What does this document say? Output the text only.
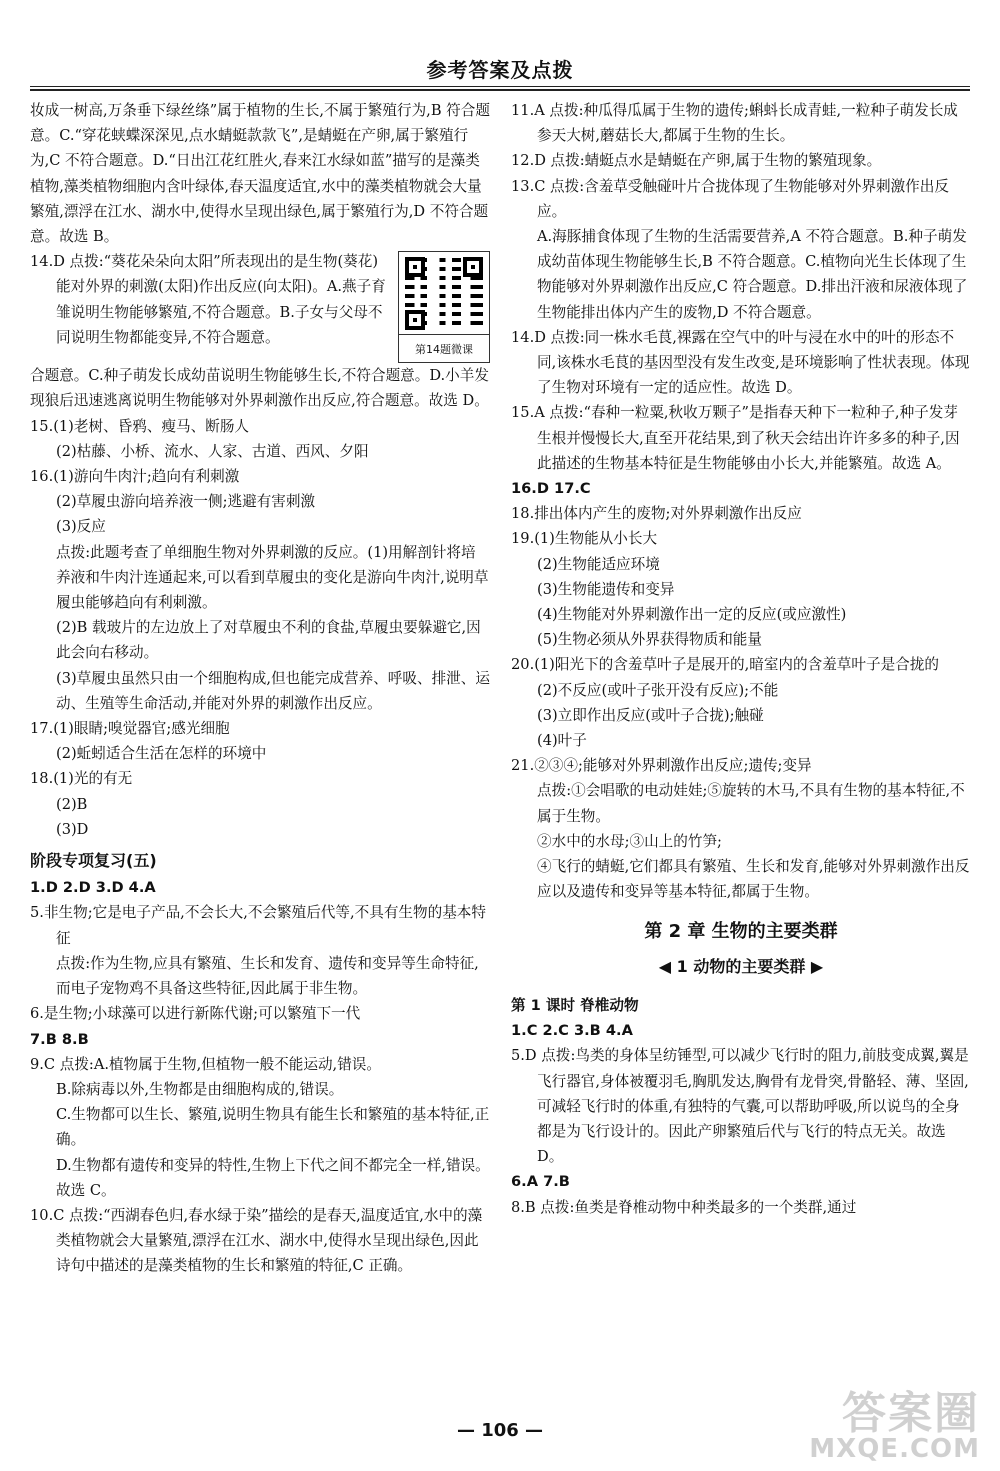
参考答案及点拨

妆成一树高,万条垂下绿丝绦”属于植物的生长,不属于繁殖行为,B 符合题意。C.“穿花蛱蝶深深见,点水蜻蜓款款飞”,是蜻蜓在产卵,属于繁殖行为,C 不符合题意。D.“日出江花红胜火,春来江水绿如蓝”描写的是藻类植物,藻类植物细胞内含叶绿体,春天温度适宜,水中的藻类植物就会大量繁殖,漂浮在江水、湖水中,使得水呈现出绿色,属于繁殖行为,D 不符合题意。故选 B。

14.D 点拨:“葵花朵朵向太阳”所表现出的是生物(葵花)能对外界的刺激(太阳)作出反应(向太阳)。A.燕子育雏说明生物能够繁殖,不符合题意。B.子女与父母不同说明生物都能变异,不符合题意。

第14题微课

合题意。C.种子萌发长成幼苗说明生物能够生长,不符合题意。D.小羊发现狼后迅速逃离说明生物能够对外界刺激作出反应,符合题意。故选 D。

15.(1)老树、昏鸦、瘦马、断肠人

(2)枯藤、小桥、流水、人家、古道、西风、夕阳

16.(1)游向牛肉汁;趋向有利刺激

(2)草履虫游向培养液一侧;逃避有害刺激

(3)反应

点拨:此题考查了单细胞生物对外界刺激的反应。(1)用解剖针将培养液和牛肉汁连通起来,可以看到草履虫的变化是游向牛肉汁,说明草履虫能够趋向有利刺激。

(2)B 载玻片的左边放上了对草履虫不利的食盐,草履虫要躲避它,因此会向右移动。

(3)草履虫虽然只由一个细胞构成,但也能完成营养、呼吸、排泄、运动、生殖等生命活动,并能对外界的刺激作出反应。

17.(1)眼睛;嗅觉器官;感光细胞

(2)蚯蚓适合生活在怎样的环境中

18.(1)光的有无

(2)B

(3)D

阶段专项复习(五)

1.D 2.D 3.D 4.A

5.非生物;它是电子产品,不会长大,不会繁殖后代等,不具有生物的基本特征

点拨:作为生物,应具有繁殖、生长和发育、遗传和变异等生命特征,而电子宠物鸡不具备这些特征,因此属于非生物。

6.是生物;小球藻可以进行新陈代谢;可以繁殖下一代

7.B 8.B

9.C 点拨:A.植物属于生物,但植物一般不能运动,错误。

B.除病毒以外,生物都是由细胞构成的,错误。

C.生物都可以生长、繁殖,说明生物具有能生长和繁殖的基本特征,正确。

D.生物都有遗传和变异的特性,生物上下代之间不都完全一样,错误。

故选 C。

10.C 点拨:“西湖春色归,春水绿于染”描绘的是春天,温度适宜,水中的藻类植物就会大量繁殖,漂浮在江水、湖水中,使得水呈现出绿色,因此诗句中描述的是藻类植物的生长和繁殖的特征,C 正确。

11.A 点拨:种瓜得瓜属于生物的遗传;蝌蚪长成青蛙,一粒种子萌发长成参天大树,蘑菇长大,都属于生物的生长。

12.D 点拨:蜻蜓点水是蜻蜓在产卵,属于生物的繁殖现象。

13.C 点拨:含羞草受触碰叶片合拢体现了生物能够对外界刺激作出反应。

A.海豚捕食体现了生物的生活需要营养,A 不符合题意。B.种子萌发成幼苗体现生物能够生长,B 不符合题意。C.植物向光生长体现了生物能够对外界刺激作出反应,C 符合题意。D.排出汗液和尿液体现了生物能排出体内产生的废物,D 不符合题意。

14.D 点拨:同一株水毛茛,裸露在空气中的叶与浸在水中的叶的形态不同,该株水毛茛的基因型没有发生改变,是环境影响了性状表现。体现了生物对环境有一定的适应性。故选 D。

15.A 点拨:“春种一粒粟,秋收万颗子”是指春天种下一粒种子,种子发芽生根并慢慢长大,直至开花结果,到了秋天会结出许许多多的种子,因此描述的生物基本特征是生物能够由小长大,并能繁殖。故选 A。

16.D 17.C

18.排出体内产生的废物;对外界刺激作出反应

19.(1)生物能从小长大

(2)生物能适应环境

(3)生物能遗传和变异

(4)生物能对外界刺激作出一定的反应(或应激性)

(5)生物必须从外界获得物质和能量

20.(1)阳光下的含羞草叶子是展开的,暗室内的含羞草叶子是合拢的

(2)不反应(或叶子张开没有反应);不能

(3)立即作出反应(或叶子合拢);触碰

(4)叶子

21.②③④;能够对外界刺激作出反应;遗传;变异

点拨:①会唱歌的电动娃娃;⑤旋转的木马,不具有生物的基本特征,不属于生物。

②水中的水母;③山上的竹笋;

④飞行的蜻蜓,它们都具有繁殖、生长和发育,能够对外界刺激作出反应以及遗传和变异等基本特征,都属于生物。

第 2 章 生物的主要类群

◀ 1 动物的主要类群 ▶

第 1 课时 脊椎动物

1.C 2.C 3.B 4.A

5.D 点拨:鸟类的身体呈纺锤型,可以减少飞行时的阻力,前肢变成翼,翼是飞行器官,身体被覆羽毛,胸肌发达,胸骨有龙骨突,骨骼轻、薄、坚固,可减轻飞行时的体重,有独特的气囊,可以帮助呼吸,所以说鸟的全身都是为飞行设计的。因此产卵繁殖后代与飞行的特点无关。故选 D。

6.A 7.B

8.B 点拨:鱼类是脊椎动物中种类最多的一个类群,通过

— 106 —	答案圈
MXQE.COM
